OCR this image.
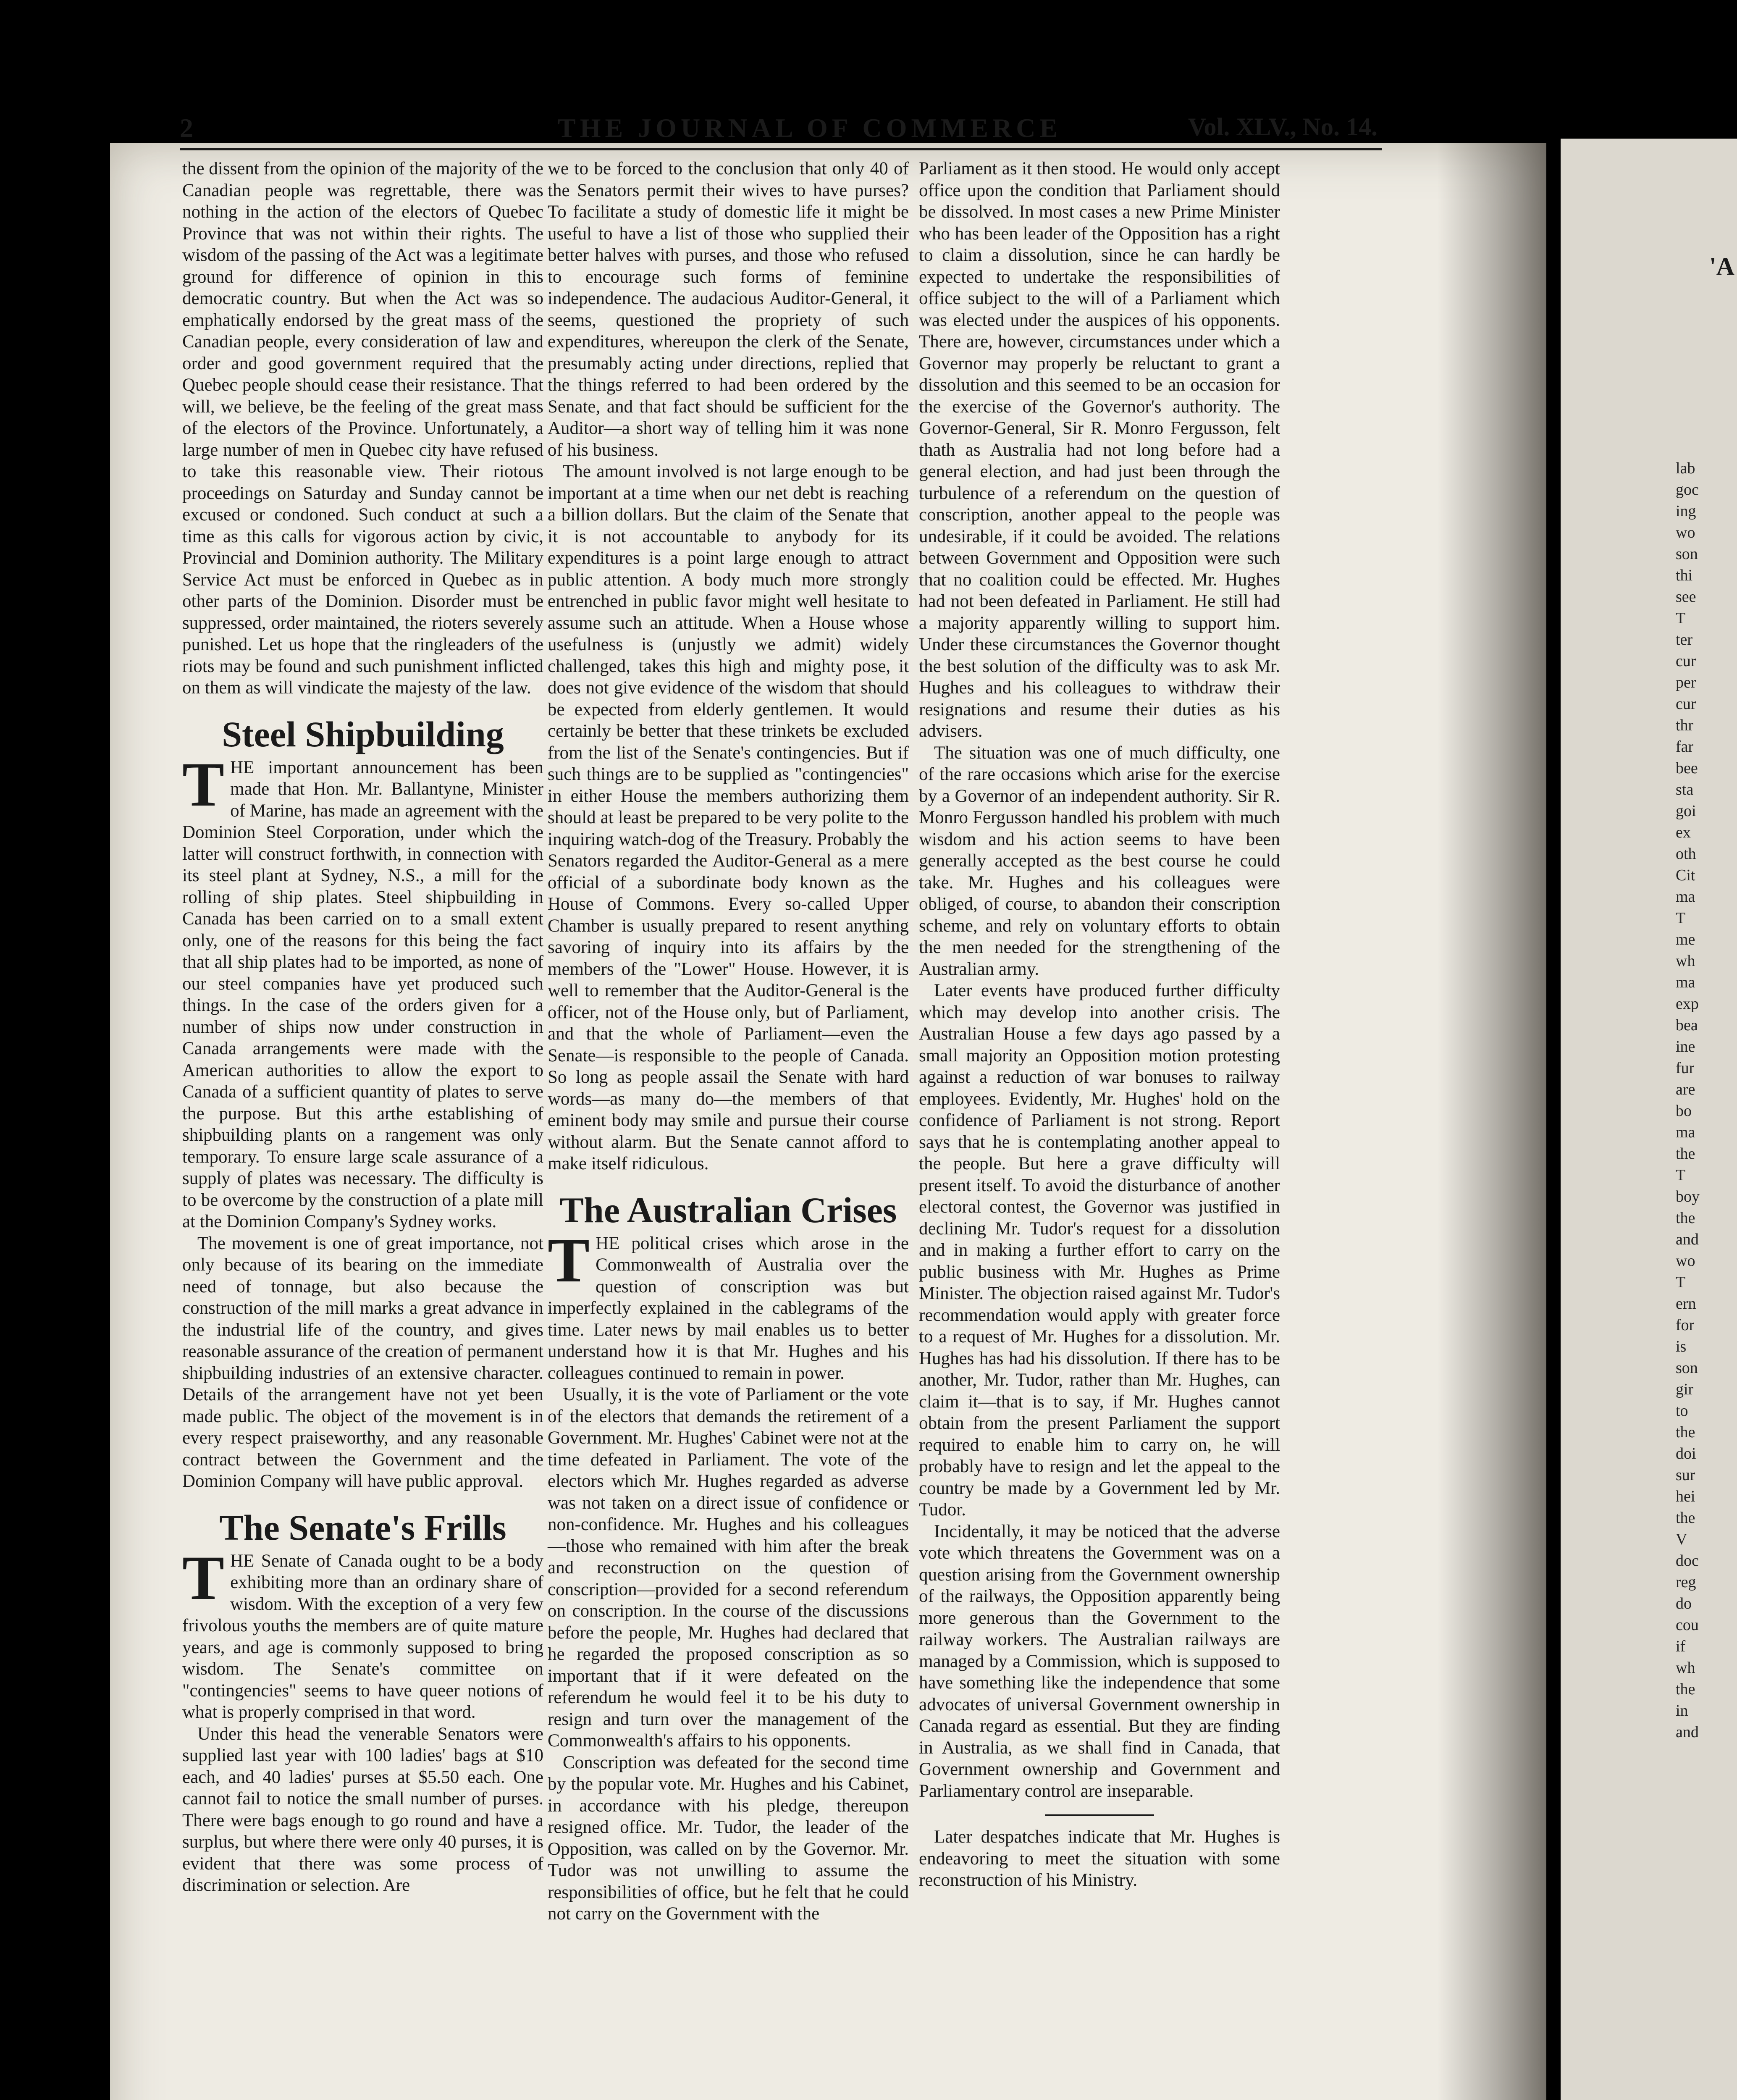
'A
lab
goc
ing
wo
son
thi
see
T
ter
cur
per
cur
thr
far
bee
sta
goi
ex
oth
Cit
ma
T
me
wh
ma
exp
bea
ine
fur
are
bo
ma
the
T
boy
the
and
wo
T
ern
for
is
son
gir
to
the
doi
sur
hei
the
V
doc
reg
do
cou
if
wh
the
in
and
2	THE JOURNAL OF COMMERCE	Vol. XLV., No. 14.

the dissent from the opinion of the majority of the Canadian people was regrettable, there was nothing in the action of the electors of Quebec Province that was not within their rights. The wisdom of the passing of the Act was a legitimate ground for difference of opinion in this democratic country. But when the Act was so emphatically endorsed by the great mass of the Canadian people, every consideration of law and order and good government required that the Quebec people should cease their resistance. That will, we believe, be the feeling of the great mass of the electors of the Province. Unfortunately, a large number of men in Quebec city have refused to take this reasonable view. Their riotous proceedings on Saturday and Sunday cannot be excused or condoned. Such conduct at such a time as this calls for vigorous action by civic, Provincial and Dominion authority. The Military Service Act must be enforced in Quebec as in other parts of the Dominion. Disorder must be suppressed, order maintained, the rioters severely punished. Let us hope that the ringleaders of the riots may be found and such punishment inflicted on them as will vindicate the majesty of the law.

Steel Shipbuilding

THE important announcement has been made that Hon. Mr. Ballantyne, Minister of Marine, has made an agreement with the Dominion Steel Corporation, under which the latter will construct forthwith, in connection with its steel plant at Sydney, N.S., a mill for the rolling of ship plates. Steel shipbuilding in Canada has been carried on to a small extent only, one of the reasons for this being the fact that all ship plates had to be imported, as none of our steel companies have yet produced such things. In the case of the orders given for a number of ships now under construction in Canada arrangements were made with the American authorities to allow the export to Canada of a sufficient quantity of plates to serve the purpose. But this arthe establishing of shipbuilding plants on a rangement was only temporary. To ensure large scale assurance of a supply of plates was necessary. The difficulty is to be overcome by the construction of a plate mill at the Dominion Company's Sydney works.

The movement is one of great importance, not only because of its bearing on the immediate need of tonnage, but also because the construction of the mill marks a great advance in the industrial life of the country, and gives reasonable assurance of the creation of permanent shipbuilding industries of an extensive character. Details of the arrangement have not yet been made public. The object of the movement is in every respect praiseworthy, and any reasonable contract between the Government and the Dominion Company will have public approval.

The Senate's Frills

THE Senate of Canada ought to be a body exhibiting more than an ordinary share of wisdom. With the exception of a very few frivolous youths the members are of quite mature years, and age is commonly supposed to bring wisdom. The Senate's committee on "contingencies" seems to have queer notions of what is properly comprised in that word.

Under this head the venerable Senators were supplied last year with 100 ladies' bags at $10 each, and 40 ladies' purses at $5.50 each. One cannot fail to notice the small number of purses. There were bags enough to go round and have a surplus, but where there were only 40 purses, it is evident that there was some process of discrimination or selection. Are

we to be forced to the conclusion that only 40 of the Senators permit their wives to have purses? To facilitate a study of domestic life it might be useful to have a list of those who supplied their better halves with purses, and those who refused to encourage such forms of feminine independence. The audacious Auditor-General, it seems, questioned the propriety of such expenditures, whereupon the clerk of the Senate, presumably acting under directions, replied that the things referred to had been ordered by the Senate, and that fact should be sufficient for the Auditor—a short way of telling him it was none of his business.

The amount involved is not large enough to be important at a time when our net debt is reaching a billion dollars. But the claim of the Senate that it is not accountable to anybody for its expenditures is a point large enough to attract public attention. A body much more strongly entrenched in public favor might well hesitate to assume such an attitude. When a House whose usefulness is (unjustly we admit) widely challenged, takes this high and mighty pose, it does not give evidence of the wisdom that should be expected from elderly gentlemen. It would certainly be better that these trinkets be excluded from the list of the Senate's contingencies. But if such things are to be supplied as "contingencies" in either House the members authorizing them should at least be prepared to be very polite to the inquiring watch-dog of the Treasury. Probably the Senators regarded the Auditor-General as a mere official of a subordinate body known as the House of Commons. Every so-called Upper Chamber is usually prepared to resent anything savoring of inquiry into its affairs by the members of the "Lower" House. However, it is well to remember that the Auditor-General is the officer, not of the House only, but of Parliament, and that the whole of Parliament—even the Senate—is responsible to the people of Canada. So long as people assail the Senate with hard words—as many do—the members of that eminent body may smile and pursue their course without alarm. But the Senate cannot afford to make itself ridiculous.

The Australian Crises

THE political crises which arose in the Commonwealth of Australia over the question of conscription was but imperfectly explained in the cablegrams of the time. Later news by mail enables us to better understand how it is that Mr. Hughes and his colleagues continued to remain in power.

Usually, it is the vote of Parliament or the vote of the electors that demands the retirement of a Government. Mr. Hughes' Cabinet were not at the time defeated in Parliament. The vote of the electors which Mr. Hughes regarded as adverse was not taken on a direct issue of confidence or non-confidence. Mr. Hughes and his colleagues—those who remained with him after the break and reconstruction on the question of conscription—provided for a second referendum on conscription. In the course of the discussions before the people, Mr. Hughes had declared that he regarded the proposed conscription as so important that if it were defeated on the referendum he would feel it to be his duty to resign and turn over the management of the Commonwealth's affairs to his opponents.

Conscription was defeated for the second time by the popular vote. Mr. Hughes and his Cabinet, in accordance with his pledge, thereupon resigned office. Mr. Tudor, the leader of the Opposition, was called on by the Governor. Mr. Tudor was not unwilling to assume the responsibilities of office, but he felt that he could not carry on the Government with the

Parliament as it then stood. He would only accept office upon the condition that Parliament should be dissolved. In most cases a new Prime Minister who has been leader of the Opposition has a right to claim a dissolution, since he can hardly be expected to undertake the responsibilities of office subject to the will of a Parliament which was elected under the auspices of his opponents. There are, however, circumstances under which a Governor may properly be reluctant to grant a dissolution and this seemed to be an occasion for the exercise of the Governor's authority. The Governor-General, Sir R. Monro Fergusson, felt thath as Australia had not long before had a general election, and had just been through the turbulence of a referendum on the question of conscription, another appeal to the people was undesirable, if it could be avoided. The relations between Government and Opposition were such that no coalition could be effected. Mr. Hughes had not been defeated in Parliament. He still had a majority apparently willing to support him. Under these circumstances the Governor thought the best solution of the difficulty was to ask Mr. Hughes and his colleagues to withdraw their resignations and resume their duties as his advisers.

The situation was one of much difficulty, one of the rare occasions which arise for the exercise by a Governor of an independent authority. Sir R. Monro Fergusson handled his problem with much wisdom and his action seems to have been generally accepted as the best course he could take. Mr. Hughes and his colleagues were obliged, of course, to abandon their conscription scheme, and rely on voluntary efforts to obtain the men needed for the strengthening of the Australian army.

Later events have produced further difficulty which may develop into another crisis. The Australian House a few days ago passed by a small majority an Opposition motion protesting against a reduction of war bonuses to railway employees. Evidently, Mr. Hughes' hold on the confidence of Parliament is not strong. Report says that he is contemplating another appeal to the people. But here a grave difficulty will present itself. To avoid the disturbance of another electoral contest, the Governor was justified in declining Mr. Tudor's request for a dissolution and in making a further effort to carry on the public business with Mr. Hughes as Prime Minister. The objection raised against Mr. Tudor's recommendation would apply with greater force to a request of Mr. Hughes for a dissolution. Mr. Hughes has had his dissolution. If there has to be another, Mr. Tudor, rather than Mr. Hughes, can claim it—that is to say, if Mr. Hughes cannot obtain from the present Parliament the support required to enable him to carry on, he will probably have to resign and let the appeal to the country be made by a Government led by Mr. Tudor.

Incidentally, it may be noticed that the adverse vote which threatens the Government was on a question arising from the Government ownership of the railways, the Opposition apparently being more generous than the Government to the railway workers. The Australian railways are managed by a Commission, which is supposed to have something like the independence that some advocates of universal Government ownership in Canada regard as essential. But they are finding in Australia, as we shall find in Canada, that Government ownership and Government and Parliamentary control are inseparable.

Later despatches indicate that Mr. Hughes is endeavoring to meet the situation with some reconstruction of his Ministry.
